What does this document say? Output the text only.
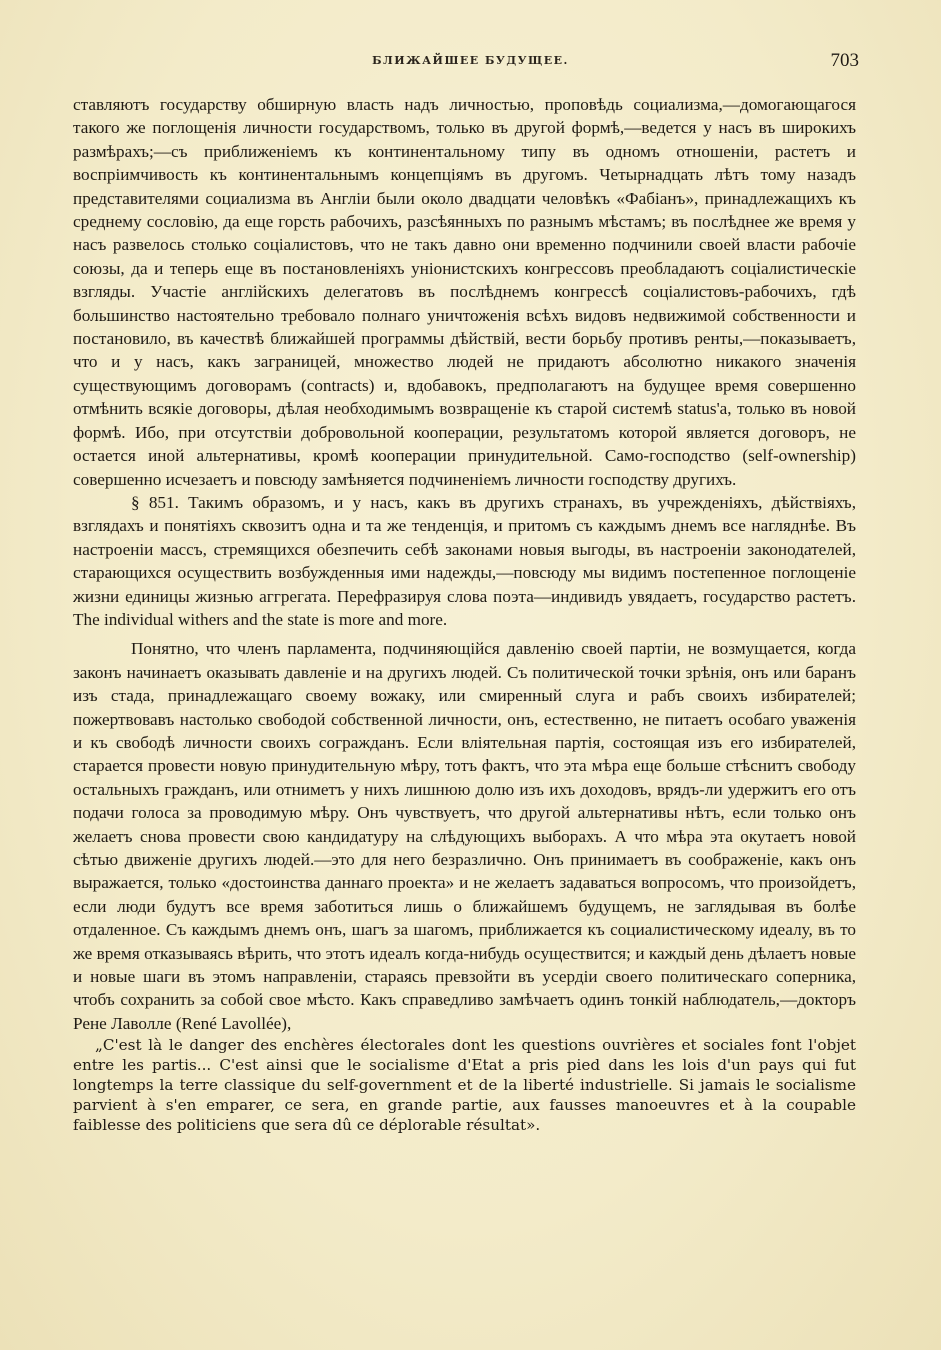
БЛИЖАЙШЕЕ БУДУЩЕЕ.	703

ставляютъ государству обширную власть надъ личностью, проповѣдь социализма,—домогающагося такого же поглощенія личности государствомъ, только въ другой формѣ,—ведется у насъ въ широкихъ размѣрахъ;—съ приближеніемъ къ континентальному типу въ одномъ отношеніи, растетъ и воспріимчивость къ континентальнымъ концепціямъ въ другомъ. Четырнадцать лѣтъ тому назадъ представителями социализма въ Англіи были около двадцати человѣкъ «Фабіанъ», принадлежащихъ къ среднему сословію, да еще горсть рабочихъ, разсѣянныхъ по разнымъ мѣстамъ; въ послѣднее же время у насъ развелось столько соціалистовъ, что не такъ давно они временно подчинили своей власти рабочіе союзы, да и теперь еще въ постановленіяхъ уніонистскихъ конгрессовъ преобладаютъ соціалистическіе взгляды. Участіе англійскихъ делегатовъ въ послѣднемъ конгрессѣ соціалистовъ-рабочихъ, гдѣ большинство настоятельно требовало полнаго уничтоженія всѣхъ видовъ недвижимой собственности и постановило, въ качествѣ ближайшей программы дѣйствій, вести борьбу противъ ренты,—показываетъ, что и у насъ, какъ заграницей, множество людей не придаютъ абсолютно никакого значенія существующимъ договорамъ (contracts) и, вдобавокъ, предполагаютъ на будущее время совершенно отмѣнить всякіе договоры, дѣлая необходимымъ возвращеніе къ старой системѣ status'а, только въ новой формѣ. Ибо, при отсутствіи добровольной кооперации, результатомъ которой является договоръ, не остается иной альтернативы, кромѣ кооперации принудительной. Само-господство (self-ownership) совершенно исчезаетъ и повсюду замѣняется подчиненіемъ личности господству другихъ.

§ 851. Такимъ образомъ, и у насъ, какъ въ другихъ странахъ, въ учрежденіяхъ, дѣйствіяхъ, взглядахъ и понятіяхъ сквозитъ одна и та же тенденція, и притомъ съ каждымъ днемъ все нагляднѣе. Въ настроеніи массъ, стремящихся обезпечить себѣ законами новыя выгоды, въ настроеніи законодателей, старающихся осуществить возбужденныя ими надежды,—повсюду мы видимъ постепенное поглощеніе жизни единицы жизнью аггрегата. Перефразируя слова поэта—индивидъ увядаетъ, государство растетъ. The individual withers and the state is more and more.

Понятно, что членъ парламента, подчиняющійся давленію своей партіи, не возмущается, когда законъ начинаетъ оказывать давленіе и на другихъ людей. Съ политической точки зрѣнія, онъ или баранъ изъ стада, принадлежащаго своему вожаку, или смиренный слуга и рабъ своихъ избирателей; пожертвовавъ настолько свободой собственной личности, онъ, естественно, не питаетъ особаго уваженія и къ свободѣ личности своихъ согражданъ. Если вліятельная партія, состоящая изъ его избирателей, старается провести новую принудительную мѣру, тотъ фактъ, что эта мѣра еще больше стѣснитъ свободу остальныхъ гражданъ, или отниметъ у нихъ лишнюю долю изъ ихъ доходовъ, врядъ-ли удержитъ его отъ подачи голоса за проводимую мѣру. Онъ чувствуетъ, что другой альтернативы нѣтъ, если только онъ желаетъ снова провести свою кандидатуру на слѣдующихъ выборахъ. А что мѣра эта окутаетъ новой сѣтью движеніе другихъ людей.—это для него безразлично. Онъ принимаетъ въ соображеніе, какъ онъ выражается, только «достоинства даннаго проекта» и не желаетъ задаваться вопросомъ, что произойдетъ, если люди будутъ все время заботиться лишь о ближайшемъ будущемъ, не заглядывая въ болѣе отдаленное. Съ каждымъ днемъ онъ, шагъ за шагомъ, приближается къ социалистическому идеалу, въ то же время отказываясь вѣрить, что этотъ идеалъ когда-нибудь осуществится; и каждый день дѣлаетъ новые и новые шаги въ этомъ направленіи, стараясь превзойти въ усердіи своего политическаго соперника, чтобъ сохранить за собой свое мѣсто. Какъ справедливо замѣчаетъ одинъ тонкій наблюдатель,—докторъ Рене Лаволле (René Lavollée),

„C'est là le danger des enchères électorales dont les questions ouvrières et sociales font l'objet entre les partis... C'est ainsi que le socialisme d'Etat a pris pied dans les lois d'un pays qui fut longtemps la terre classique du self-government et de la liberté industrielle. Si jamais le socialisme parvient à s'en emparer, ce sera, en grande partie, aux fausses manoeuvres et à la coupable faiblesse des politiciens que sera dû ce déplorable résultat».
